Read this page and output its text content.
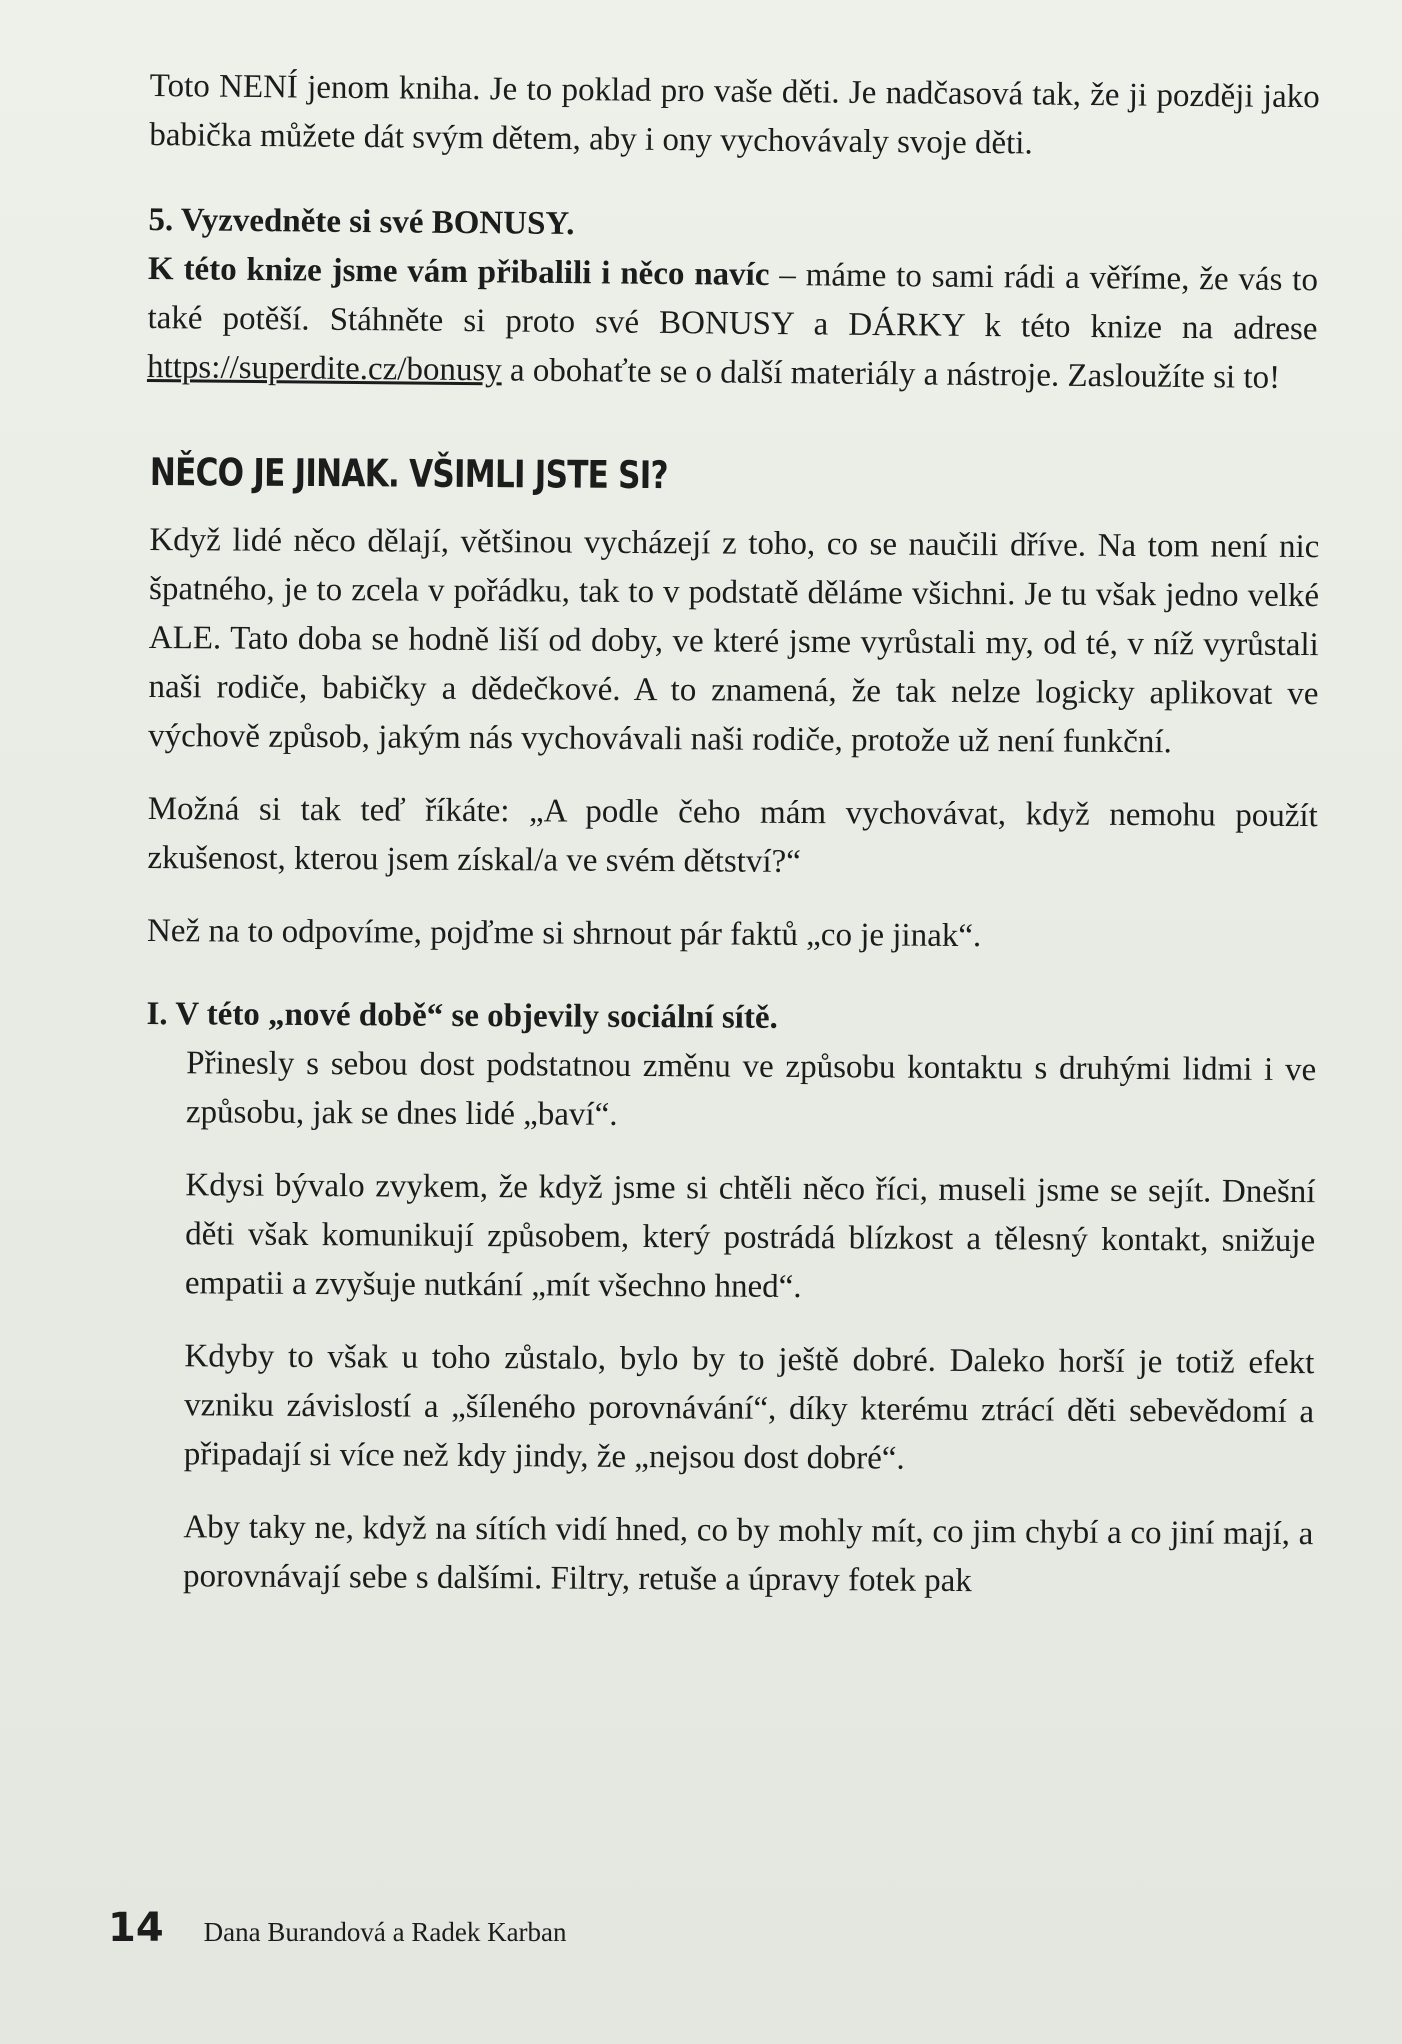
Toto NENÍ jenom kniha. Je to poklad pro vaše děti. Je nadčasová tak, že ji později jako babička můžete dát svým dětem, aby i ony vychovávaly svoje děti.

5. Vyzvedněte si své BONUSY.

K této knize jsme vám přibalili i něco navíc – máme to sami rádi a věříme, že vás to také potěší. Stáhněte si proto své BONUSY a DÁRKY k této knize na adrese https://superdite.cz/bonusy a obohaťte se o další materiály a nástroje. Zasloužíte si to!

NĚCO JE JINAK. VŠIMLI JSTE SI?

Když lidé něco dělají, většinou vycházejí z toho, co se naučili dříve. Na tom není nic špatného, je to zcela v pořádku, tak to v podstatě děláme všichni. Je tu však jedno velké ALE. Tato doba se hodně liší od doby, ve které jsme vyrůstali my, od té, v níž vyrůstali naši rodiče, babičky a dědečkové. A to znamená, že tak nelze logicky aplikovat ve výchově způsob, jakým nás vychovávali naši rodiče, protože už není funkční.

Možná si tak teď říkáte: „A podle čeho mám vychovávat, když nemohu použít zkušenost, kterou jsem získal/a ve svém dětství?“

Než na to odpovíme, pojďme si shrnout pár faktů „co je jinak“.

I. V této „nové době“ se objevily sociální sítě.

Přinesly s sebou dost podstatnou změnu ve způsobu kontaktu s druhými lidmi i ve způsobu, jak se dnes lidé „baví“.

Kdysi bývalo zvykem, že když jsme si chtěli něco říci, museli jsme se sejít. Dnešní děti však komunikují způsobem, který postrádá blízkost a tělesný kontakt, snižuje empatii a zvyšuje nutkání „mít všechno hned“.

Kdyby to však u toho zůstalo, bylo by to ještě dobré. Daleko horší je totiž efekt vzniku závislostí a „šíleného porovnávání“, díky kterému ztrácí děti sebevědomí a připadají si více než kdy jindy, že „nejsou dost dobré“.

Aby taky ne, když na sítích vidí hned, co by mohly mít, co jim chybí a co jiní mají, a porovnávají sebe s dalšími. Filtry, retuše a úpravy fotek pak

14 Dana Burandová a Radek Karban
